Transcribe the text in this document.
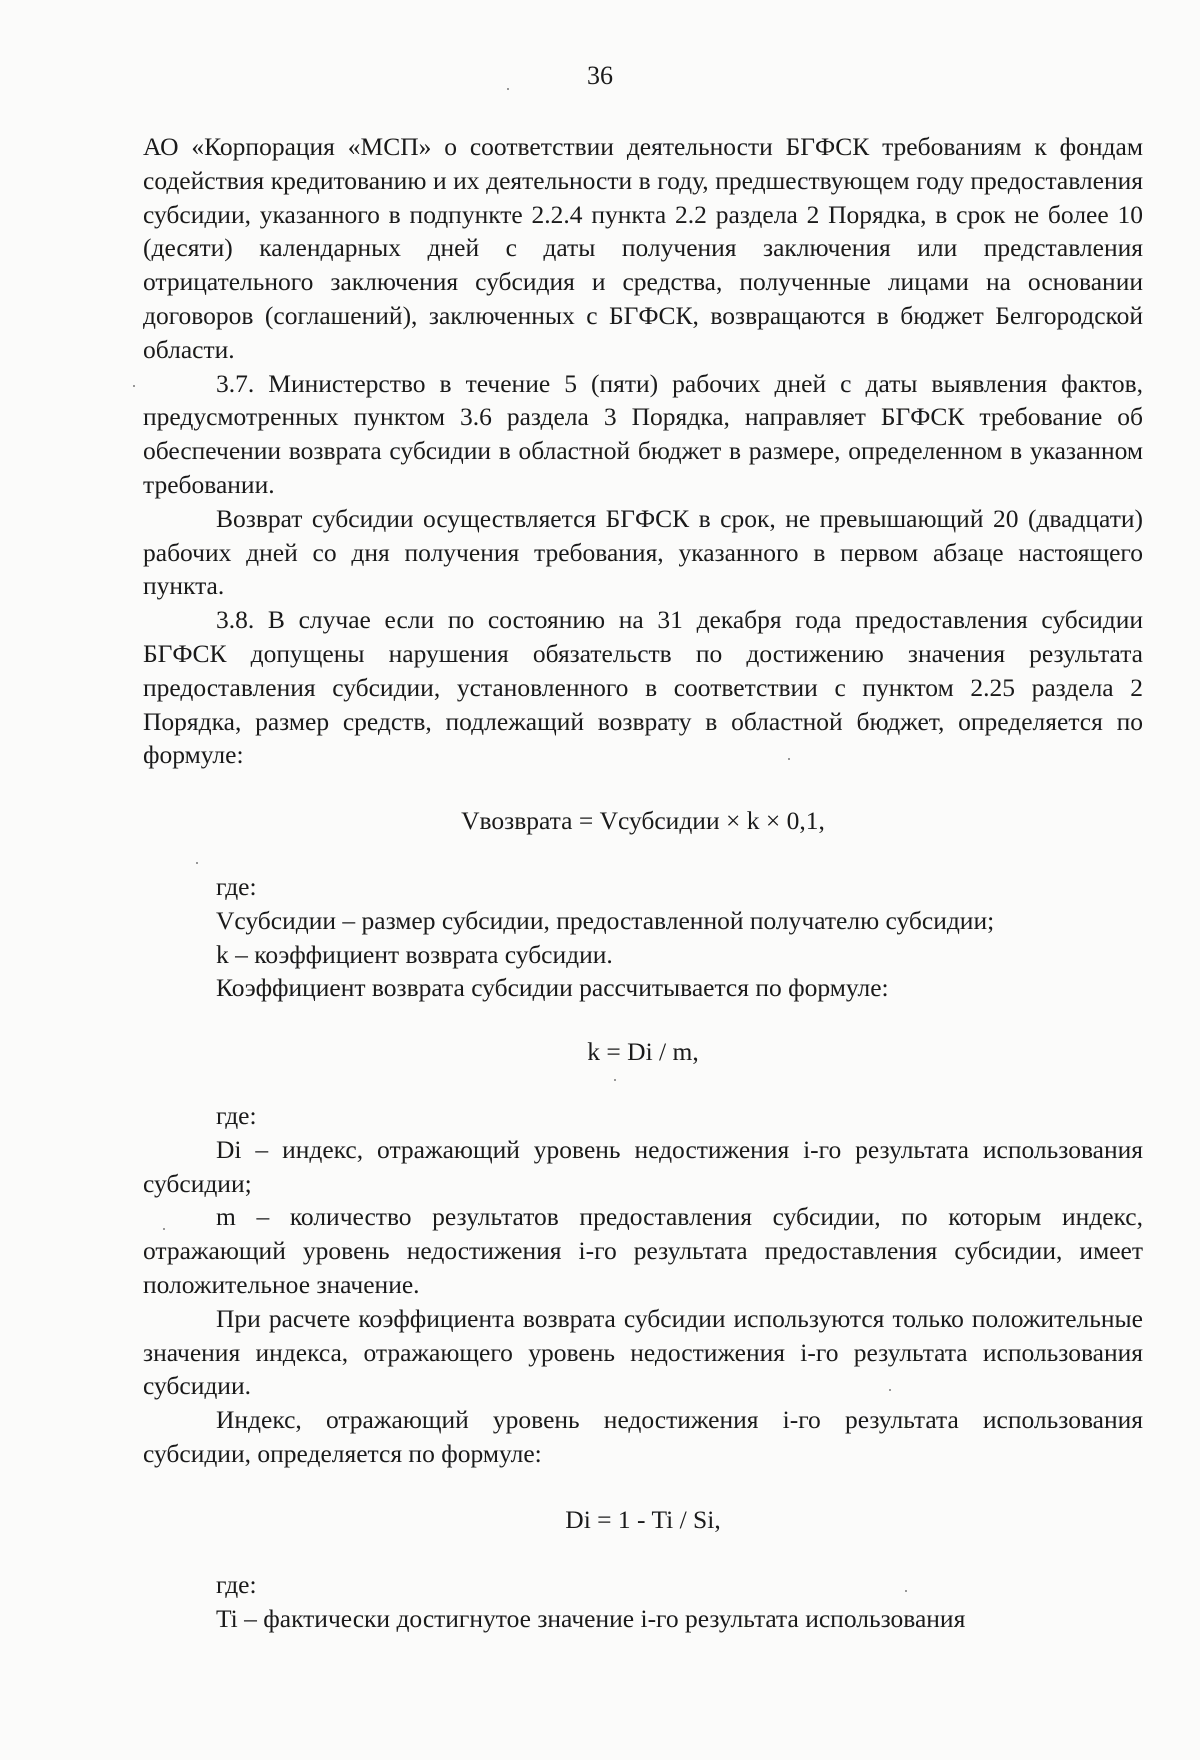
36

АО «Корпорация «МСП» о соответствии деятельности БГФСК требованиям к фондам содействия кредитованию и их деятельности в году, предшествующем году предоставления субсидии, указанного в подпункте 2.2.4 пункта 2.2 раздела 2 Порядка, в срок не более 10 (десяти) календарных дней с даты получения заключения или представления отрицательного заключения субсидия и средства, полученные лицами на основании договоров (соглашений), заключенных с БГФСК, возвращаются в бюджет Белгородской области.

3.7. Министерство в течение 5 (пяти) рабочих дней с даты выявления фактов, предусмотренных пунктом 3.6 раздела 3 Порядка, направляет БГФСК требование об обеспечении возврата субсидии в областной бюджет в размере, определенном в указанном требовании.

Возврат субсидии осуществляется БГФСК в срок, не превышающий 20 (двадцати) рабочих дней со дня получения требования, указанного в первом абзаце настоящего пункта.

3.8. В случае если по состоянию на 31 декабря года предоставления субсидии БГФСК допущены нарушения обязательств по достижению значения результата предоставления субсидии, установленного в соответствии с пунктом 2.25 раздела 2 Порядка, размер средств, подлежащий возврату в областной бюджет, определяется по формуле:

Vвозврата = Vсубсидии × k × 0,1,

где:

Vсубсидии – размер субсидии, предоставленной получателю субсидии;

k – коэффициент возврата субсидии.

Коэффициент возврата субсидии рассчитывается по формуле:

k = Di / m,

где:

Di – индекс, отражающий уровень недостижения i-го результата использования субсидии;

m – количество результатов предоставления субсидии, по которым индекс, отражающий уровень недостижения i-го результата предоставления субсидии, имеет положительное значение.

При расчете коэффициента возврата субсидии используются только положительные значения индекса, отражающего уровень недостижения i-го результата использования субсидии.

Индекс, отражающий уровень недостижения i-го результата использования субсидии, определяется по формуле:

Di = 1 - Ti / Si,

где:

Ti – фактически достигнутое значение i-го результата использования
